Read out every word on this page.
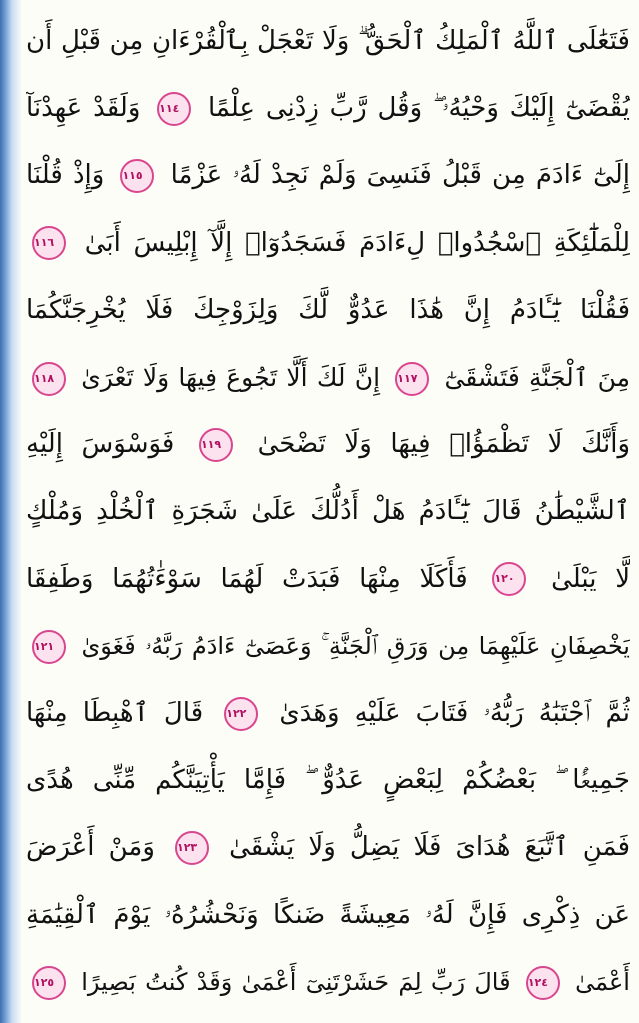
فَتَعَٰلَى ٱللَّهُ ٱلْمَلِكُ ٱلْحَقُّ ۗ وَلَا تَعْجَلْ بِٱلْقُرْءَانِ مِن قَبْلِ أَن
يُقْضَىٰٓ إِلَيْكَ وَحْيُهُۥ ۖ وَقُل رَّبِّ زِدْنِى عِلْمًا ١١٤ وَلَقَدْ عَهِدْنَآ
إِلَىٰٓ ءَادَمَ مِن قَبْلُ فَنَسِىَ وَلَمْ نَجِدْ لَهُۥ عَزْمًا ١١٥ وَإِذْ قُلْنَا
لِلْمَلَٰٓئِكَةِ ٱسْجُدُوا۟ لِءَادَمَ فَسَجَدُوٓا۟ إِلَّآ إِبْلِيسَ أَبَىٰ ١١٦
فَقُلْنَا يَٰٓـَٔادَمُ إِنَّ هَٰذَا عَدُوٌّ لَّكَ وَلِزَوْجِكَ فَلَا يُخْرِجَنَّكُمَا
مِنَ ٱلْجَنَّةِ فَتَشْقَىٰٓ ١١٧ إِنَّ لَكَ أَلَّا تَجُوعَ فِيهَا وَلَا تَعْرَىٰ ١١٨
وَأَنَّكَ لَا تَظْمَؤُا۟ فِيهَا وَلَا تَضْحَىٰ ١١٩ فَوَسْوَسَ إِلَيْهِ
ٱلشَّيْطَٰنُ قَالَ يَٰٓـَٔادَمُ هَلْ أَدُلُّكَ عَلَىٰ شَجَرَةِ ٱلْخُلْدِ وَمُلْكٍ
لَّا يَبْلَىٰ ١٢٠ فَأَكَلَا مِنْهَا فَبَدَتْ لَهُمَا سَوْءَٰتُهُمَا وَطَفِقَا
يَخْصِفَانِ عَلَيْهِمَا مِن وَرَقِ ٱلْجَنَّةِ ۚ وَعَصَىٰٓ ءَادَمُ رَبَّهُۥ فَغَوَىٰ ١٢١
ثُمَّ ٱجْتَبَٰهُ رَبُّهُۥ فَتَابَ عَلَيْهِ وَهَدَىٰ ١٢٢ قَالَ ٱهْبِطَا مِنْهَا
جَمِيعًۢا ۖ بَعْضُكُمْ لِبَعْضٍ عَدُوٌّ ۖ فَإِمَّا يَأْتِيَنَّكُم مِّنِّى هُدًى
فَمَنِ ٱتَّبَعَ هُدَاىَ فَلَا يَضِلُّ وَلَا يَشْقَىٰ ١٢٣ وَمَنْ أَعْرَضَ
عَن ذِكْرِى فَإِنَّ لَهُۥ مَعِيشَةً ضَنكًا وَنَحْشُرُهُۥ يَوْمَ ٱلْقِيَٰمَةِ
أَعْمَىٰ ١٢٤ قَالَ رَبِّ لِمَ حَشَرْتَنِىٓ أَعْمَىٰ وَقَدْ كُنتُ بَصِيرًا ١٢٥
